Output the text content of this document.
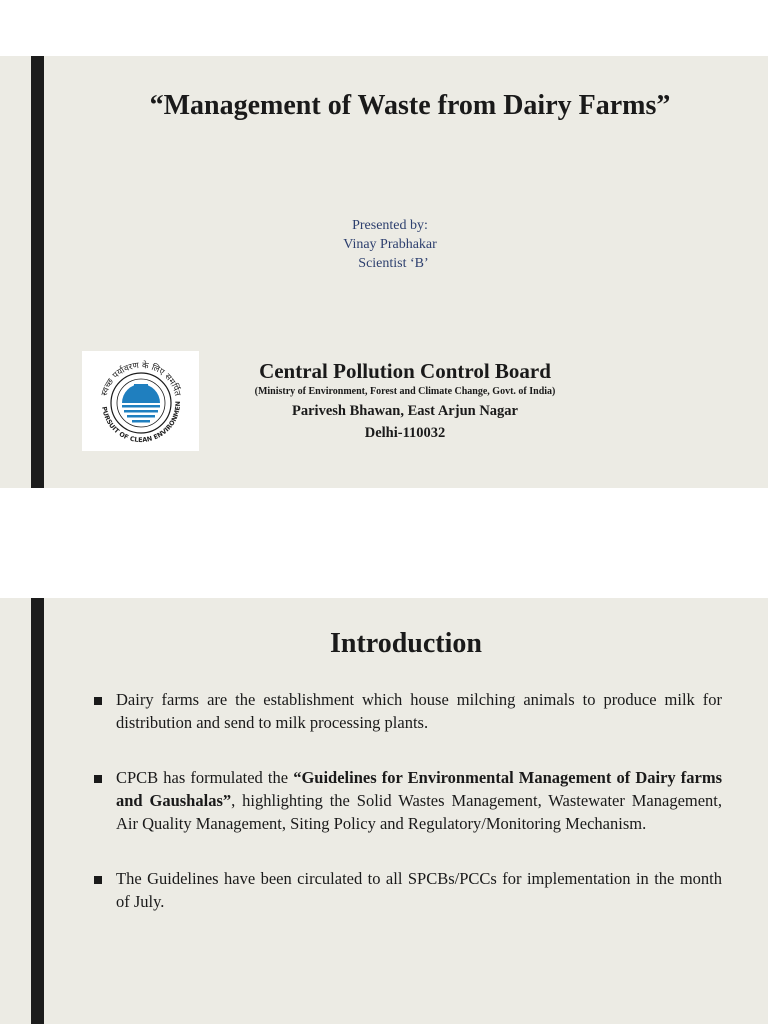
“Management of Waste from Dairy Farms”
Presented by:
Vinay Prabhakar
Scientist ‘B’
स्वच्छ पर्यावरण के लिए समर्पित
PURSUIT OF CLEAN ENVIRONMEN
Central Pollution Control Board
(Ministry of Environment, Forest and Climate Change, Govt. of India)
Parivesh Bhawan, East Arjun Nagar
Delhi-110032
Introduction
Dairy farms are the establishment which house milching animals to produce milk for distribution and send to milk processing plants.
CPCB has formulated the “Guidelines for Environmental Management of Dairy farms and Gaushalas”, highlighting the Solid Wastes Management, Wastewater Management, Air Quality Management, Siting Policy and Regulatory/Monitoring Mechanism.
The Guidelines have been circulated to all SPCBs/PCCs for implementation in the month of July.
